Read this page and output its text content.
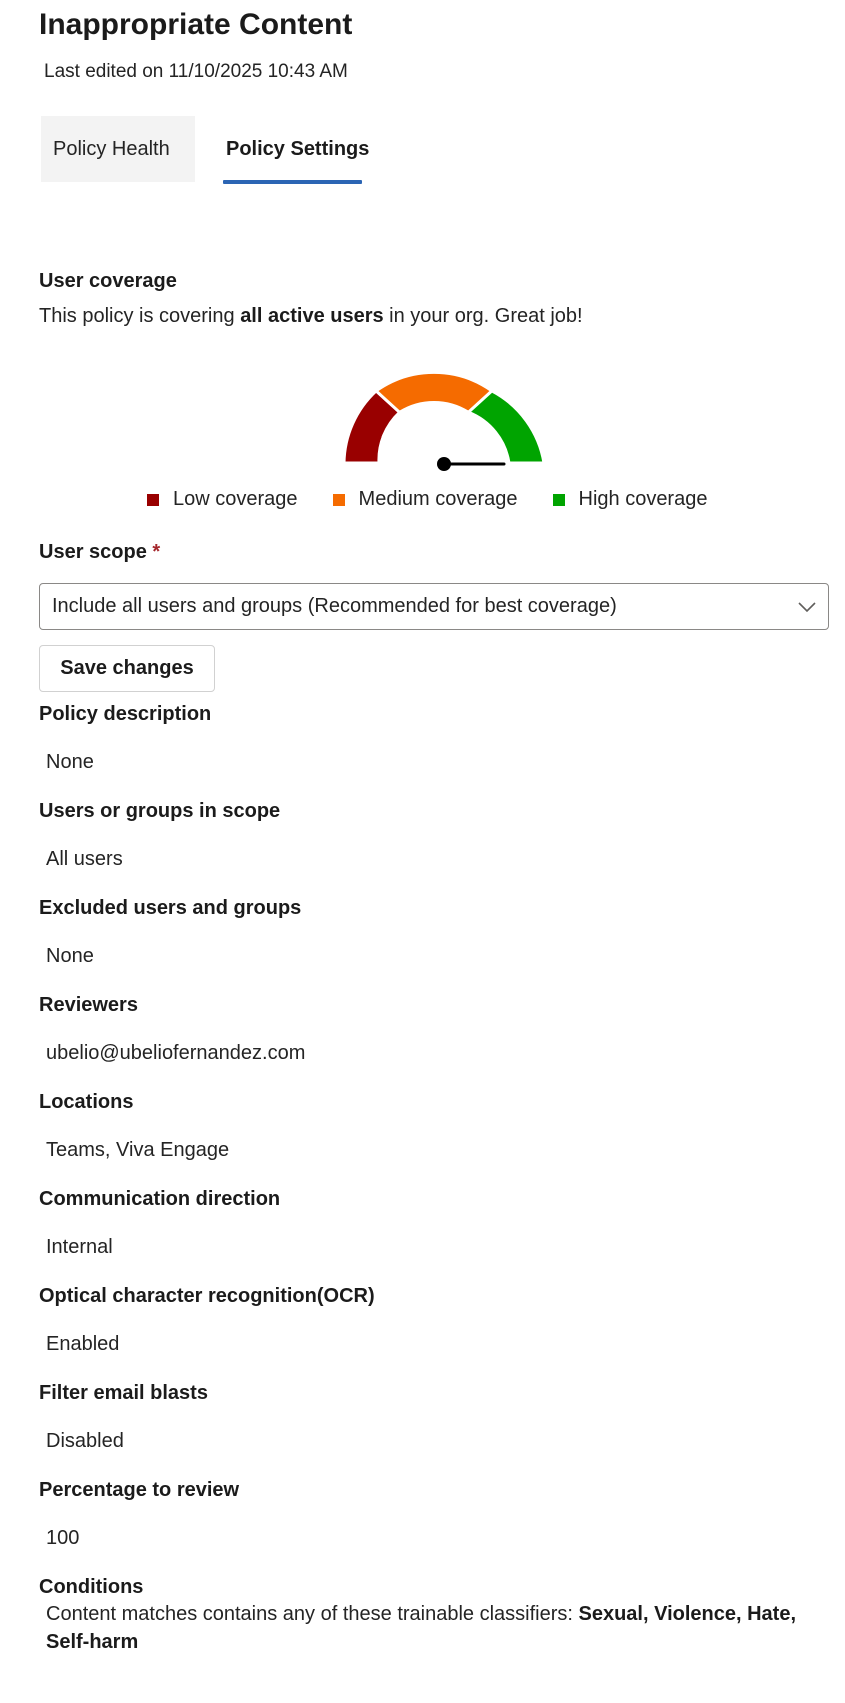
Inappropriate Content
Last edited on 11/10/2025 10:43 AM
Policy Health	Policy Settings
User coverage
This policy is covering all active users in your org. Great job!
Low coverage	Medium coverage	High coverage
User scope *
Include all users and groups (Recommended for best coverage)
Save changes
Policy description
None
Users or groups in scope
All users
Excluded users and groups
None
Reviewers
ubelio@ubeliofernandez.com
Locations
Teams, Viva Engage
Communication direction
Internal
Optical character recognition(OCR)
Enabled
Filter email blasts
Disabled
Percentage to review
100
Conditions
Content matches contains any of these trainable classifiers: Sexual, Violence, Hate, Self-harm
